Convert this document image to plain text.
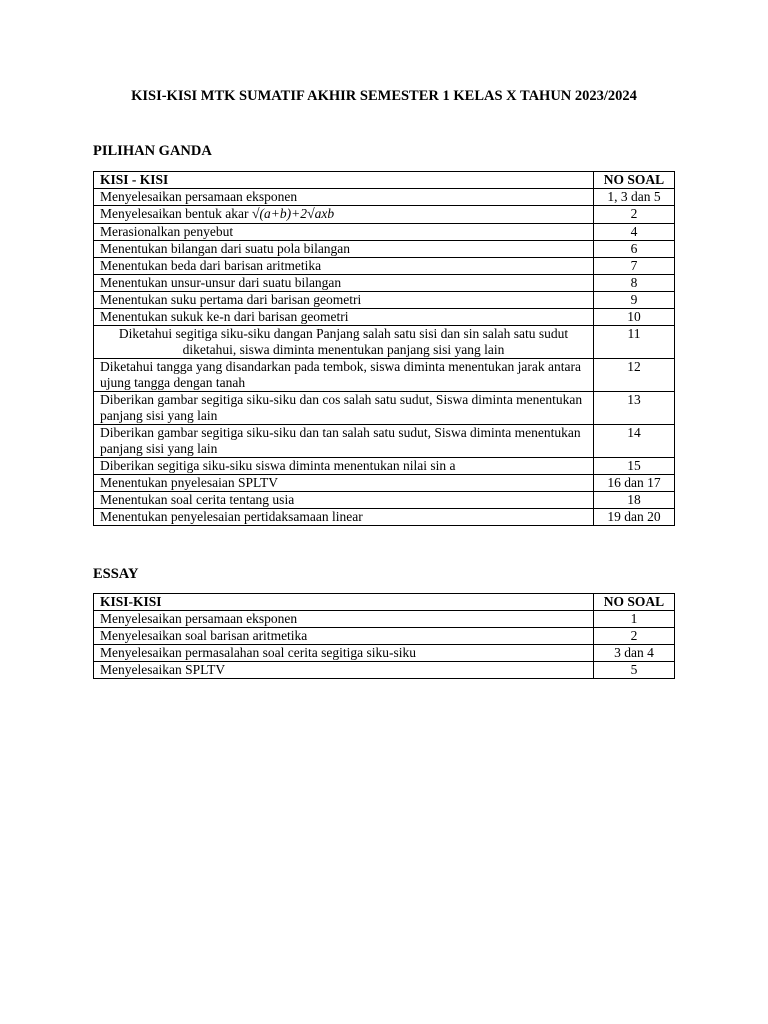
KISI-KISI MTK SUMATIF AKHIR SEMESTER 1 KELAS X TAHUN 2023/2024
PILIHAN GANDA
KISI - KISI	NO SOAL
Menyelesaikan persamaan eksponen	1, 3 dan 5
Menyelesaikan bentuk akar √(a+b)+2√axb	2
Merasionalkan penyebut	4
Menentukan bilangan dari suatu pola bilangan	6
Menentukan beda dari barisan aritmetika	7
Menentukan unsur-unsur dari suatu bilangan	8
Menentukan suku pertama dari barisan geometri	9
Menentukan sukuk ke-n dari barisan geometri	10
Diketahui segitiga siku-siku dangan Panjang salah satu sisi dan sin salah satu sudut diketahui, siswa diminta menentukan panjang sisi yang lain	11
Diketahui tangga yang disandarkan pada tembok, siswa diminta menentukan jarak antara ujung tangga dengan tanah	12
Diberikan gambar segitiga siku-siku dan cos salah satu sudut, Siswa diminta menentukan panjang sisi yang lain	13
Diberikan gambar segitiga siku-siku dan tan salah satu sudut, Siswa diminta menentukan panjang sisi yang lain	14
Diberikan segitiga siku-siku siswa diminta menentukan nilai sin a	15
Menentukan pnyelesaian SPLTV	16 dan 17
Menentukan soal cerita tentang usia	18
Menentukan penyelesaian pertidaksamaan linear	19 dan 20
ESSAY
KISI-KISI	NO SOAL
Menyelesaikan persamaan eksponen	1
Menyelesaikan soal barisan aritmetika	2
Menyelesaikan permasalahan soal cerita segitiga siku-siku	3 dan 4
Menyelesaikan SPLTV	5
